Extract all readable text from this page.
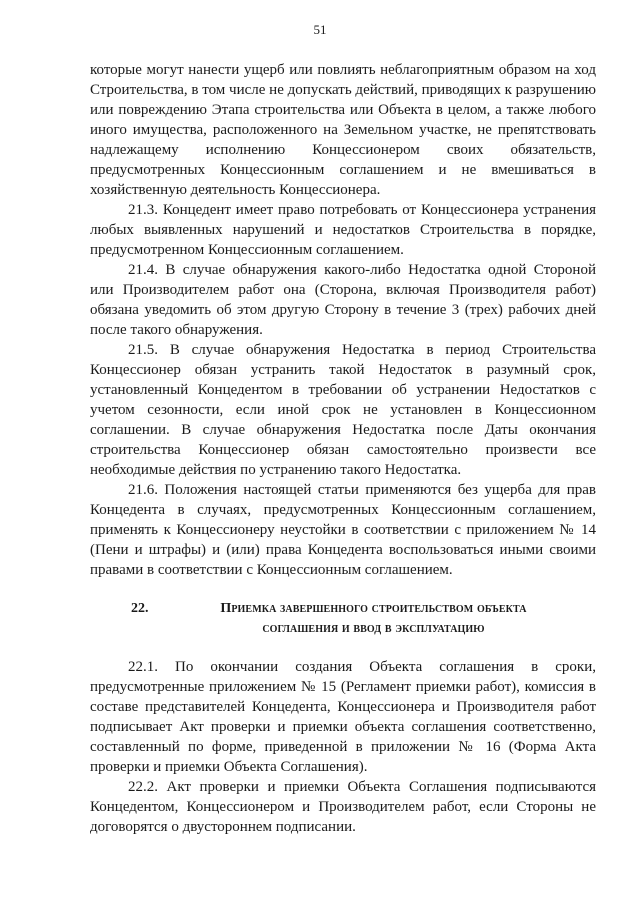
51

которые могут нанести ущерб или повлиять неблагоприятным образом на ход Строительства, в том числе не допускать действий, приводящих к разрушению или повреждению Этапа строительства или Объекта в целом, а также любого иного имущества, расположенного на Земельном участке, не препятствовать надлежащему исполнению Концессионером своих обязательств, предусмотренных Концессионным соглашением и не вмешиваться в хозяйственную деятельность Концессионера.

21.3. Концедент имеет право потребовать от Концессионера устранения любых выявленных нарушений и недостатков Строительства в порядке, предусмотренном Концессионным соглашением.

21.4. В случае обнаружения какого-либо Недостатка одной Стороной или Производителем работ она (Сторона, включая Производителя работ) обязана уведомить об этом другую Сторону в течение 3 (трех) рабочих дней после такого обнаружения.

21.5. В случае обнаружения Недостатка в период Строительства Концессионер обязан устранить такой Недостаток в разумный срок, установленный Концедентом в требовании об устранении Недостатков с учетом сезонности, если иной срок не установлен в Концессионном соглашении. В случае обнаружения Недостатка после Даты окончания строительства Концессионер обязан самостоятельно произвести все необходимые действия по устранению такого Недостатка.

21.6. Положения настоящей статьи применяются без ущерба для прав Концедента в случаях, предусмотренных Концессионным соглашением, применять к Концессионеру неустойки в соответствии с приложением № 14 (Пени и штрафы) и (или) права Концедента воспользоваться иными своими правами в соответствии с Концессионным соглашением.

22.	Приемка завершенного строительством объекта соглашения и ввод в эксплуатацию

22.1. По окончании создания Объекта соглашения в сроки, предусмотренные приложением № 15 (Регламент приемки работ), комиссия в составе представителей Концедента, Концессионера и Производителя работ подписывает Акт проверки и приемки объекта соглашения соответственно, составленный по форме, приведенной в приложении № 16 (Форма Акта проверки и приемки Объекта Соглашения).

22.2. Акт проверки и приемки Объекта Соглашения подписываются Концедентом, Концессионером и Производителем работ, если Стороны не договорятся о двустороннем подписании.
